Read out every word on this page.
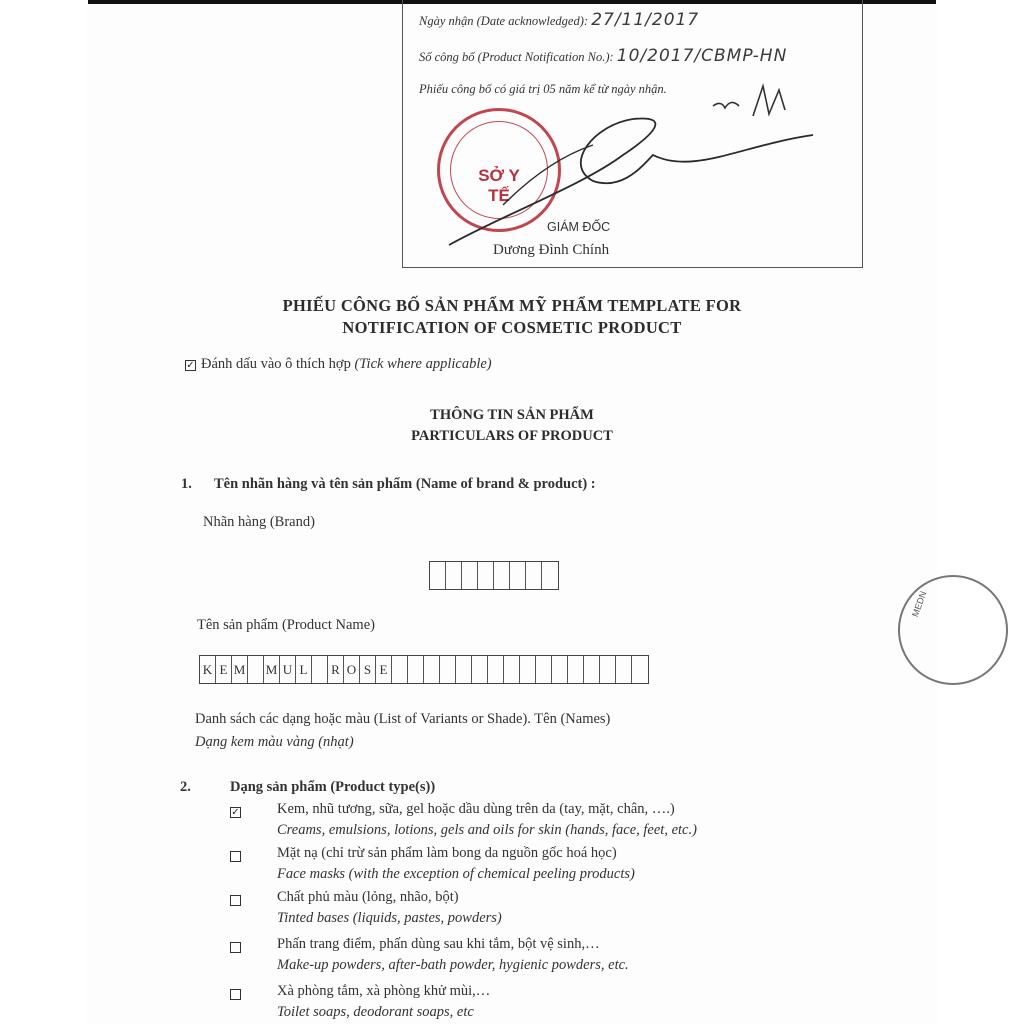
Ngày nhận (Date acknowledged): 27/11/2017
Số công bố (Product Notification No.): 10/2017/CBMP-HN
Phiếu công bố có giá trị 05 năm kể từ ngày nhận.
SỞ Y TẾ
GIÁM ĐỐC
Dương Đình Chính
PHIẾU CÔNG BỐ SẢN PHẨM MỸ PHẨM TEMPLATE FOR
NOTIFICATION OF COSMETIC PRODUCT
✓ Đánh dấu vào ô thích hợp (Tick where applicable)
THÔNG TIN SẢN PHẨM
PARTICULARS OF PRODUCT
1. Tên nhãn hàng và tên sản phẩm (Name of brand & product) :
Nhãn hàng (Brand)
Tên sản phẩm (Product Name)
K E M M U L	R O S E
Danh sách các dạng hoặc màu (List of Variants or Shade). Tên (Names)
Dạng kem màu vàng (nhạt)
2.	Dạng sản phẩm (Product type(s))
✓	Kem, nhũ tương, sữa, gel hoặc dầu dùng trên da (tay, mặt, chân, ….)
Creams, emulsions, lotions, gels and oils for skin (hands, face, feet, etc.)
Mặt nạ (chỉ trừ sản phẩm làm bong da nguồn gốc hoá học)
Face masks (with the exception of chemical peeling products)
Chất phủ màu (lỏng, nhão, bột)
Tinted bases (liquids, pastes, powders)
Phấn trang điểm, phấn dùng sau khi tắm, bột vệ sinh,…
Make-up powders, after-bath powder, hygienic powders, etc.
Xà phòng tắm, xà phòng khử mùi,…
Toilet soaps, deodorant soaps, etc
MEDN
